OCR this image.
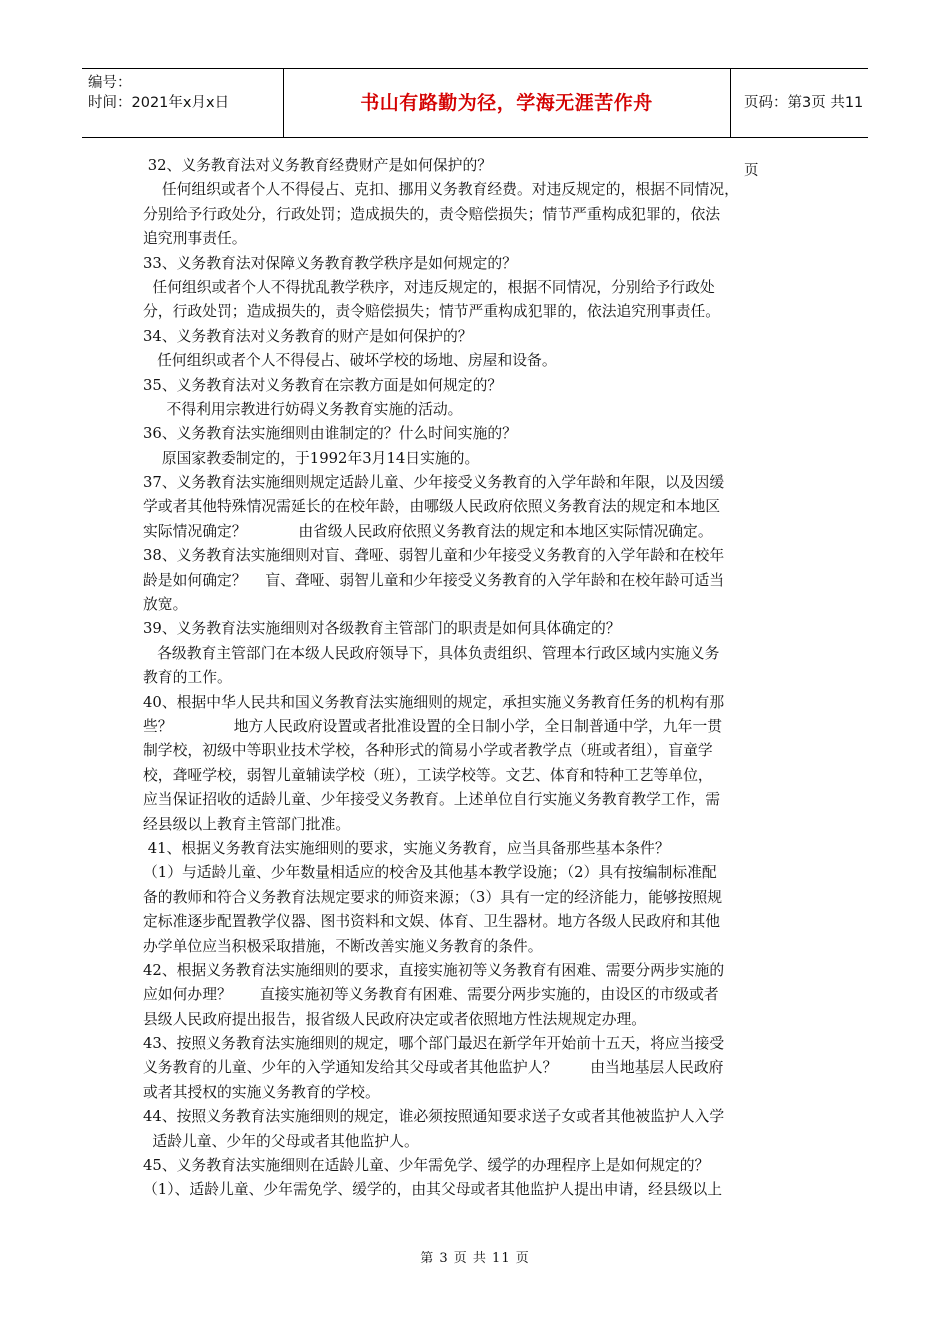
编号：
时间：2021年x月x日	书山有路勤为径，学海无涯苦作舟	页码：第3页 共11页
32、义务教育法对义务教育经费财产是如何保护的？
任何组织或者个人不得侵占、克扣、挪用义务教育经费。对违反规定的，根据不同情况，
分别给予行政处分，行政处罚；造成损失的，责令赔偿损失；情节严重构成犯罪的，依法
追究刑事责任。
33、义务教育法对保障义务教育教学秩序是如何规定的？
任何组织或者个人不得扰乱教学秩序，对违反规定的，根据不同情况，分别给予行政处
分，行政处罚；造成损失的，责令赔偿损失；情节严重构成犯罪的，依法追究刑事责任。
34、义务教育法对义务教育的财产是如何保护的？
任何组织或者个人不得侵占、破坏学校的场地、房屋和设备。
35、义务教育法对义务教育在宗教方面是如何规定的？
不得利用宗教进行妨碍义务教育实施的活动。
36、义务教育法实施细则由谁制定的？什么时间实施的？
原国家教委制定的，于1992年3月14日实施的。
37、义务教育法实施细则规定适龄儿童、少年接受义务教育的入学年龄和年限，以及因缓
学或者其他特殊情况需延长的在校年龄，由哪级人民政府依照义务教育法的规定和本地区
实际情况确定？           由省级人民政府依照义务教育法的规定和本地区实际情况确定。
38、义务教育法实施细则对盲、聋哑、弱智儿童和少年接受义务教育的入学年龄和在校年
龄是如何确定？    盲、聋哑、弱智儿童和少年接受义务教育的入学年龄和在校年龄可适当
放宽。
39、义务教育法实施细则对各级教育主管部门的职责是如何具体确定的？
各级教育主管部门在本级人民政府领导下，具体负责组织、管理本行政区域内实施义务
教育的工作。
40、根据中华人民共和国义务教育法实施细则的规定，承担实施义务教育任务的机构有那
些？             地方人民政府设置或者批准设置的全日制小学，全日制普通中学，九年一贯
制学校，初级中等职业技术学校，各种形式的简易小学或者教学点（班或者组），盲童学
校，聋哑学校，弱智儿童辅读学校（班），工读学校等。文艺、体育和特种工艺等单位，
应当保证招收的适龄儿童、少年接受义务教育。上述单位自行实施义务教育教学工作，需
经县级以上教育主管部门批准。
41、根据义务教育法实施细则的要求，实施义务教育，应当具备那些基本条件？
（1）与适龄儿童、少年数量相适应的校舍及其他基本教学设施；（2）具有按编制标准配
备的教师和符合义务教育法规定要求的师资来源；（3）具有一定的经济能力，能够按照规
定标准逐步配置教学仪器、图书资料和文娱、体育、卫生器材。地方各级人民政府和其他
办学单位应当积极采取措施，不断改善实施义务教育的条件。
42、根据义务教育法实施细则的要求，直接实施初等义务教育有困难、需要分两步实施的
应如何办理？      直接实施初等义务教育有困难、需要分两步实施的，由设区的市级或者
县级人民政府提出报告，报省级人民政府决定或者依照地方性法规规定办理。
43、按照义务教育法实施细则的规定，哪个部门最迟在新学年开始前十五天，将应当接受
义务教育的儿童、少年的入学通知发给其父母或者其他监护人？       由当地基层人民政府
或者其授权的实施义务教育的学校。
44、按照义务教育法实施细则的规定，谁必须按照通知要求送子女或者其他被监护人入学
适龄儿童、少年的父母或者其他监护人。
45、义务教育法实施细则在适龄儿童、少年需免学、缓学的办理程序上是如何规定的？
（1）、适龄儿童、少年需免学、缓学的，由其父母或者其他监护人提出申请，经县级以上
第 3 页 共 11 页
